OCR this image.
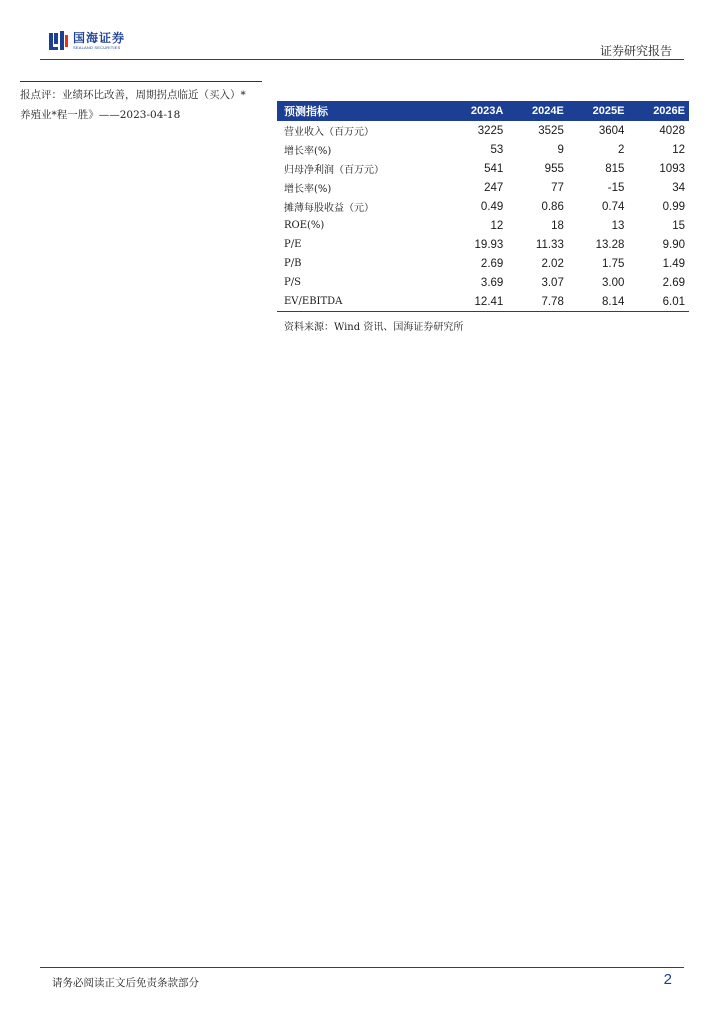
国海证券
SEALAND SECURITIES	证券研究报告
报点评：业绩环比改善，周期拐点临近（买入）*
养殖业*程一胜》——2023-04-18	预测指标	2023A	2024E	2025E	2026E
营业收入（百万元）	3225	3525	3604	4028
增长率(%)	53	9	2	12
归母净利润（百万元）	541	955	815	1093
增长率(%)	247	77	-15	34
摊薄每股收益（元）	0.49	0.86	0.74	0.99
ROE(%)	12	18	13	15
P/E	19.93	11.33	13.28	9.90
P/B	2.69	2.02	1.75	1.49
P/S	3.69	3.07	3.00	2.69
EV/EBITDA	12.41	7.78	8.14	6.01
资料来源：Wind 资讯、国海证券研究所
请务必阅读正文后免责条款部分	2
